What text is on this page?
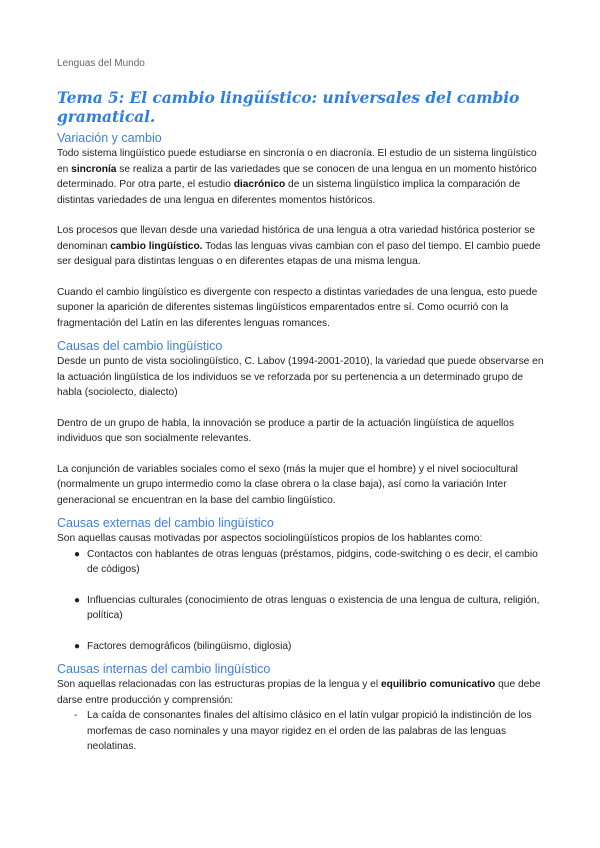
Lenguas del Mundo
Tema 5: El cambio lingüístico: universales del cambio gramatical.
Variación y cambio

Todo sistema lingüístico puede estudiarse en sincronía o en diacronía. El estudio de un sistema lingüístico en sincronía se realiza a partir de las variedades que se conocen de una lengua en un momento histórico determinado. Por otra parte, el estudio diacrónico de un sistema lingüístico implica la comparación de distintas variedades de una lengua en diferentes momentos históricos.

Los procesos que llevan desde una variedad histórica de una lengua a otra variedad histórica posterior se denominan cambio lingüístico. Todas las lenguas vivas cambian con el paso del tiempo. El cambio puede ser desigual para distintas lenguas o en diferentes etapas de una misma lengua.

Cuando el cambio lingüístico es divergente con respecto a distintas variedades de una lengua, esto puede suponer la aparición de diferentes sistemas lingüísticos emparentados entre sí. Como ocurrió con la fragmentación del Latín en las diferentes lenguas romances.

Causas del cambio lingüístico

Desde un punto de vista sociolingüístico, C. Labov (1994-2001-2010), la variedad que puede observarse en la actuación lingüística de los individuos se ve reforzada por su pertenencia a un determinado grupo de habla (sociolecto, dialecto)

Dentro de un grupo de habla, la innovación se produce a partir de la actuación lingüística de aquellos individuos que son socialmente relevantes.

La conjunción de variables sociales como el sexo (más la mujer que el hombre) y el nivel sociocultural (normalmente un grupo intermedio como la clase obrera o la clase baja), así como la variación Inter generacional se encuentran en la base del cambio lingüístico.

Causas externas del cambio lingüístico

Son aquellas causas motivadas por aspectos sociolingüísticos propios de los hablantes como:

● Contactos con hablantes de otras lenguas (préstamos, pidgins, code-switching o es decir, el cambio de códigos)
● Influencias culturales (conocimiento de otras lenguas o existencia de una lengua de cultura, religión, política)
● Factores demográficos (bilingüismo, diglosia)
Causas internas del cambio lingüístico

Son aquellas relacionadas con las estructuras propias de la lengua y el equilibrio comunicativo que debe darse entre producción y comprensión:

- La caída de consonantes finales del altísimo clásico en el latín vulgar propició la indistinción de los morfemas de caso nominales y una mayor rigidez en el orden de las palabras de las lenguas neolatinas.
